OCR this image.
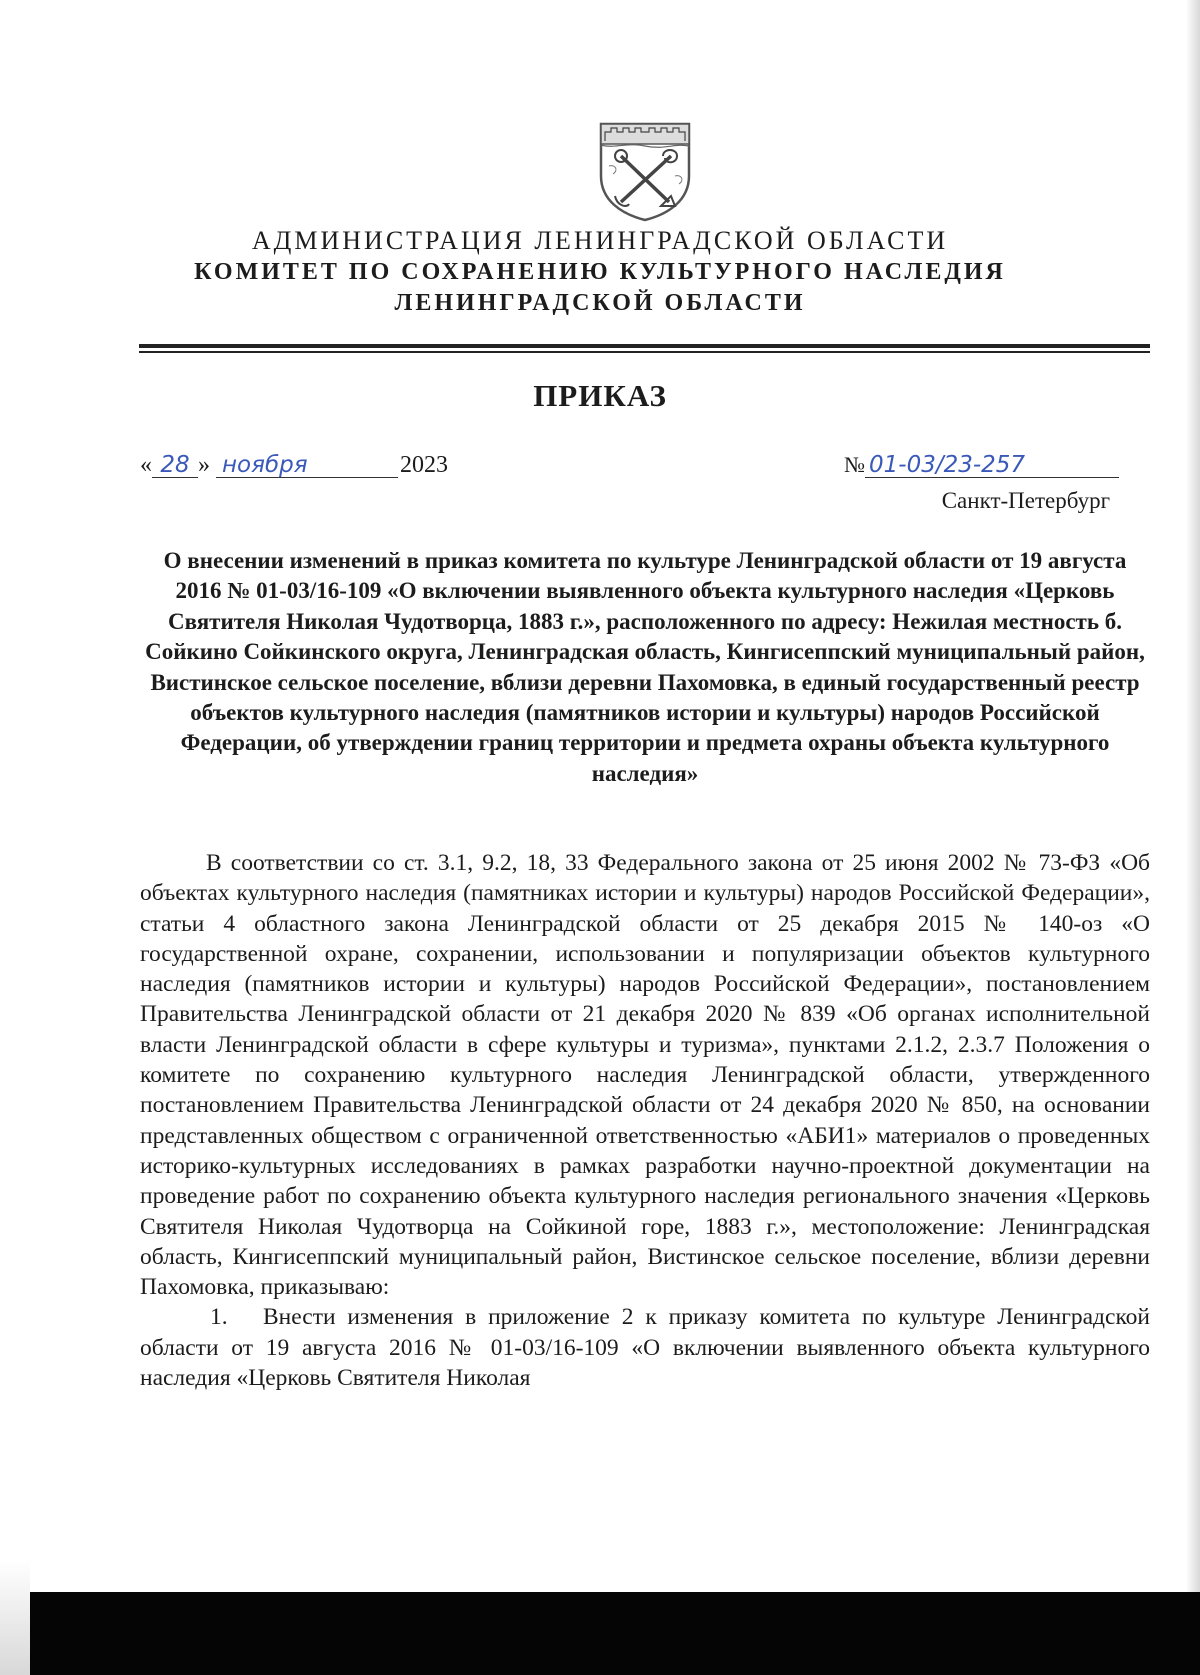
АДМИНИСТРАЦИЯ ЛЕНИНГРАДСКОЙ ОБЛАСТИ
КОМИТЕТ ПО СОХРАНЕНИЮ КУЛЬТУРНОГО НАСЛЕДИЯ
ЛЕНИНГРАДСКОЙ ОБЛАСТИ
ПРИКАЗ
« 28 » ноября	2023	№ 01-03/23-257
Санкт-Петербург
О внесении изменений в приказ комитета по культуре Ленинградской области от 19 августа 2016 № 01-03/16-109 «О включении выявленного объекта культурного наследия «Церковь Святителя Николая Чудотворца, 1883 г.», расположенного по адресу: Нежилая местность б. Сойкино Сойкинского округа, Ленинградская область, Кингисеппский муниципальный район, Вистинское сельское поселение, вблизи деревни Пахомовка, в единый государственный реестр объектов культурного наследия (памятников истории и культуры) народов Российской Федерации, об утверждении границ территории и предмета охраны объекта культурного наследия»

В соответствии со ст. 3.1, 9.2, 18, 33 Федерального закона от 25 июня 2002 № 73-ФЗ «Об объектах культурного наследия (памятниках истории и культуры) народов Российской Федерации», статьи 4 областного закона Ленинградской области от 25 декабря 2015 № 140-оз «О государственной охране, сохранении, использовании и популяризации объектов культурного наследия (памятников истории и культуры) народов Российской Федерации», постановлением Правительства Ленинградской области от 21 декабря 2020 № 839 «Об органах исполнительной власти Ленинградской области в сфере культуры и туризма», пунктами 2.1.2, 2.3.7 Положения о комитете по сохранению культурного наследия Ленинградской области, утвержденного постановлением Правительства Ленинградской области от 24 декабря 2020 № 850, на основании представленных обществом с ограниченной ответственностью «АБИ1» материалов о проведенных историко-культурных исследованиях в рамках разработки научно-проектной документации на проведение работ по сохранению объекта культурного наследия регионального значения «Церковь Святителя Николая Чудотворца на Сойкиной горе, 1883 г.», местоположение: Ленинградская область, Кингисеппский муниципальный район, Вистинское сельское поселение, вблизи деревни Пахомовка, приказываю:

1.  Внести изменения в приложение 2 к приказу комитета по культуре Ленинградской области от 19 августа 2016 № 01-03/16-109 «О включении выявленного объекта культурного наследия «Церковь Святителя Николая
